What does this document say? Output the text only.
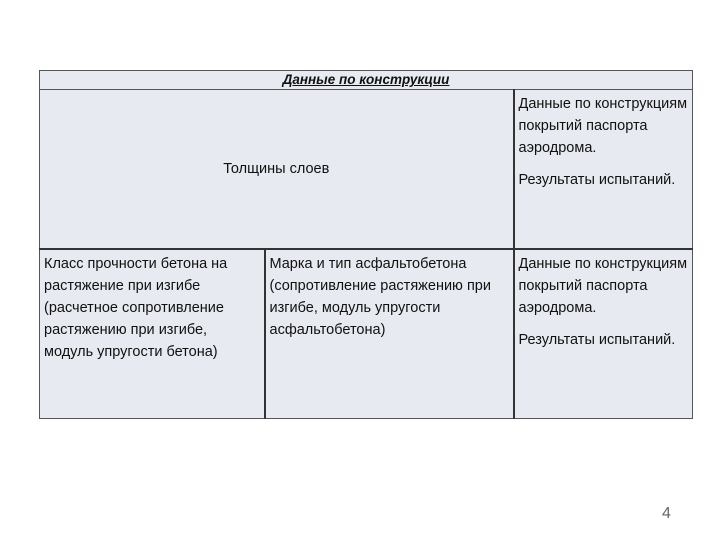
Данные по конструкции		
Толщины слоев		Данные по конструкциям покрытий паспорта аэродрома.
Результаты испытаний.

Класс прочности бетона на растяжение при изгибе (расчетное сопротивление растяжению при изгибе, модуль упругости бетона)	Марка и тип асфальтобетона (сопротивление растяжению при изгибе, модуль упругости асфальтобетона)	Данные по конструкциям покрытий паспорта аэродрома.
Результаты испытаний.
4
